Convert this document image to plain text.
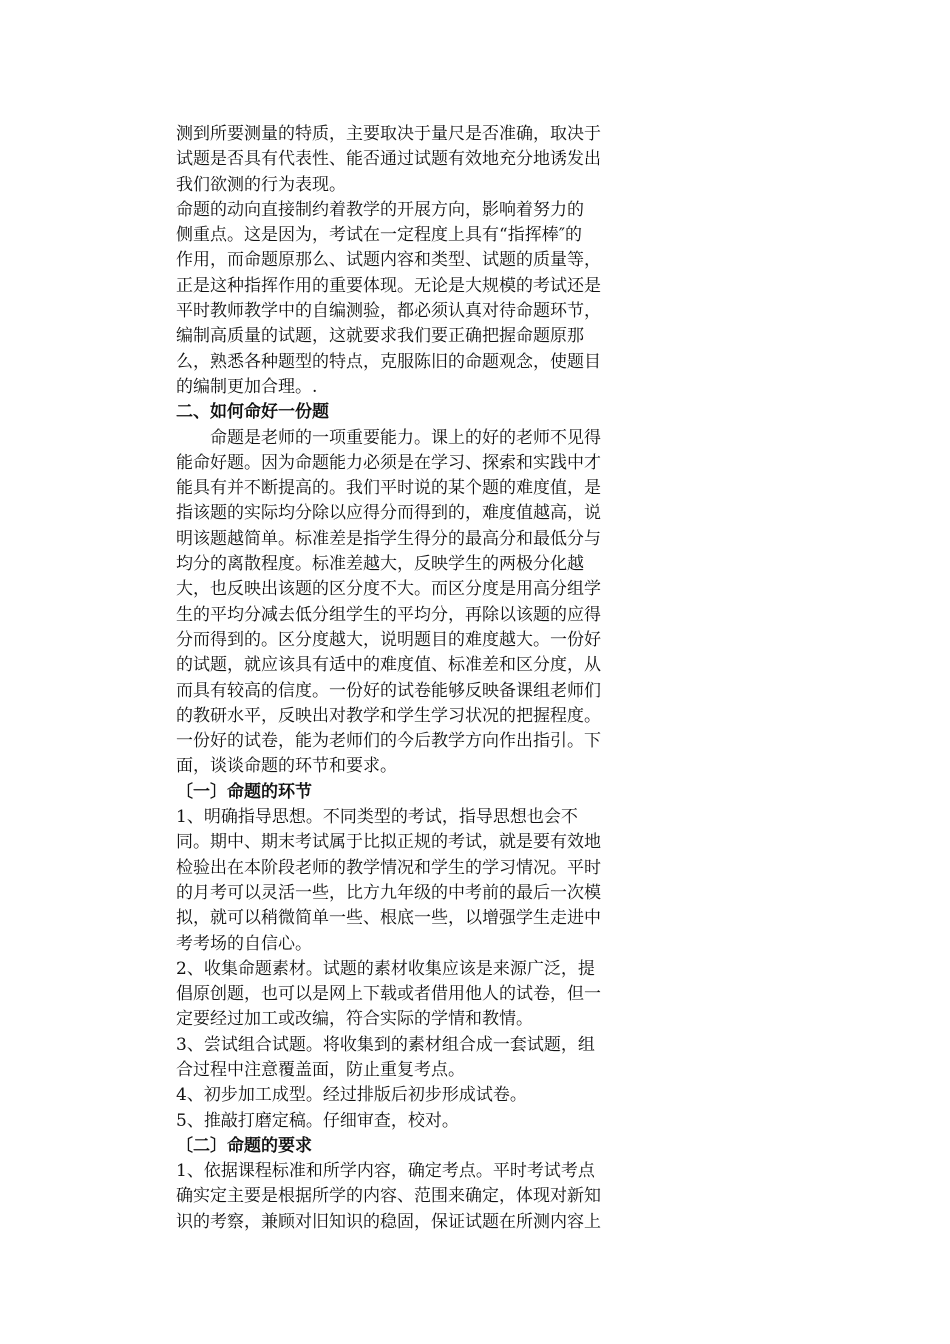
测到所要测量的特质，主要取决于量尺是否准确，取决于
试题是否具有代表性、能否通过试题有效地充分地诱发出
我们欲测的行为表现。
命题的动向直接制约着教学的开展方向，影响着努力的
侧重点。这是因为，考试在一定程度上具有“指挥棒″的
作用，而命题原那么、试题内容和类型、试题的质量等，
正是这种指挥作用的重要体现。无论是大规模的考试还是
平时教师教学中的自编测验，都必须认真对待命题环节，
编制高质量的试题，这就要求我们要正确把握命题原那
么，熟悉各种题型的特点，克服陈旧的命题观念，使题目
的编制更加合理。.
二、如何命好一份题
　　命题是老师的一项重要能力。课上的好的老师不见得
能命好题。因为命题能力必须是在学习、探索和实践中才
能具有并不断提高的。我们平时说的某个题的难度值，是
指该题的实际均分除以应得分而得到的，难度值越高，说
明该题越简单。标准差是指学生得分的最高分和最低分与
均分的离散程度。标准差越大，反映学生的两极分化越
大，也反映出该题的区分度不大。而区分度是用高分组学
生的平均分减去低分组学生的平均分，再除以该题的应得
分而得到的。区分度越大，说明题目的难度越大。一份好
的试题，就应该具有适中的难度值、标准差和区分度，从
而具有较高的信度。一份好的试卷能够反映备课组老师们
的教研水平，反映出对教学和学生学习状况的把握程度。
一份好的试卷，能为老师们的今后教学方向作出指引。下
面，谈谈命题的环节和要求。
〔一〕命题的环节
1、明确指导思想。不同类型的考试，指导思想也会不
同。期中、期末考试属于比拟正规的考试，就是要有效地
检验出在本阶段老师的教学情况和学生的学习情况。平时
的月考可以灵活一些，比方九年级的中考前的最后一次模
拟，就可以稍微简单一些、根底一些，以增强学生走进中
考考场的自信心。
2、收集命题素材。试题的素材收集应该是来源广泛，提
倡原创题，也可以是网上下载或者借用他人的试卷，但一
定要经过加工或改编，符合实际的学情和教情。
3、尝试组合试题。将收集到的素材组合成一套试题，组
合过程中注意覆盖面，防止重复考点。
4、初步加工成型。经过排版后初步形成试卷。
5、推敲打磨定稿。仔细审查，校对。
〔二〕命题的要求
1、依据课程标准和所学内容，确定考点。平时考试考点
确实定主要是根据所学的内容、范围来确定，体现对新知
识的考察，兼顾对旧知识的稳固，保证试题在所测内容上
